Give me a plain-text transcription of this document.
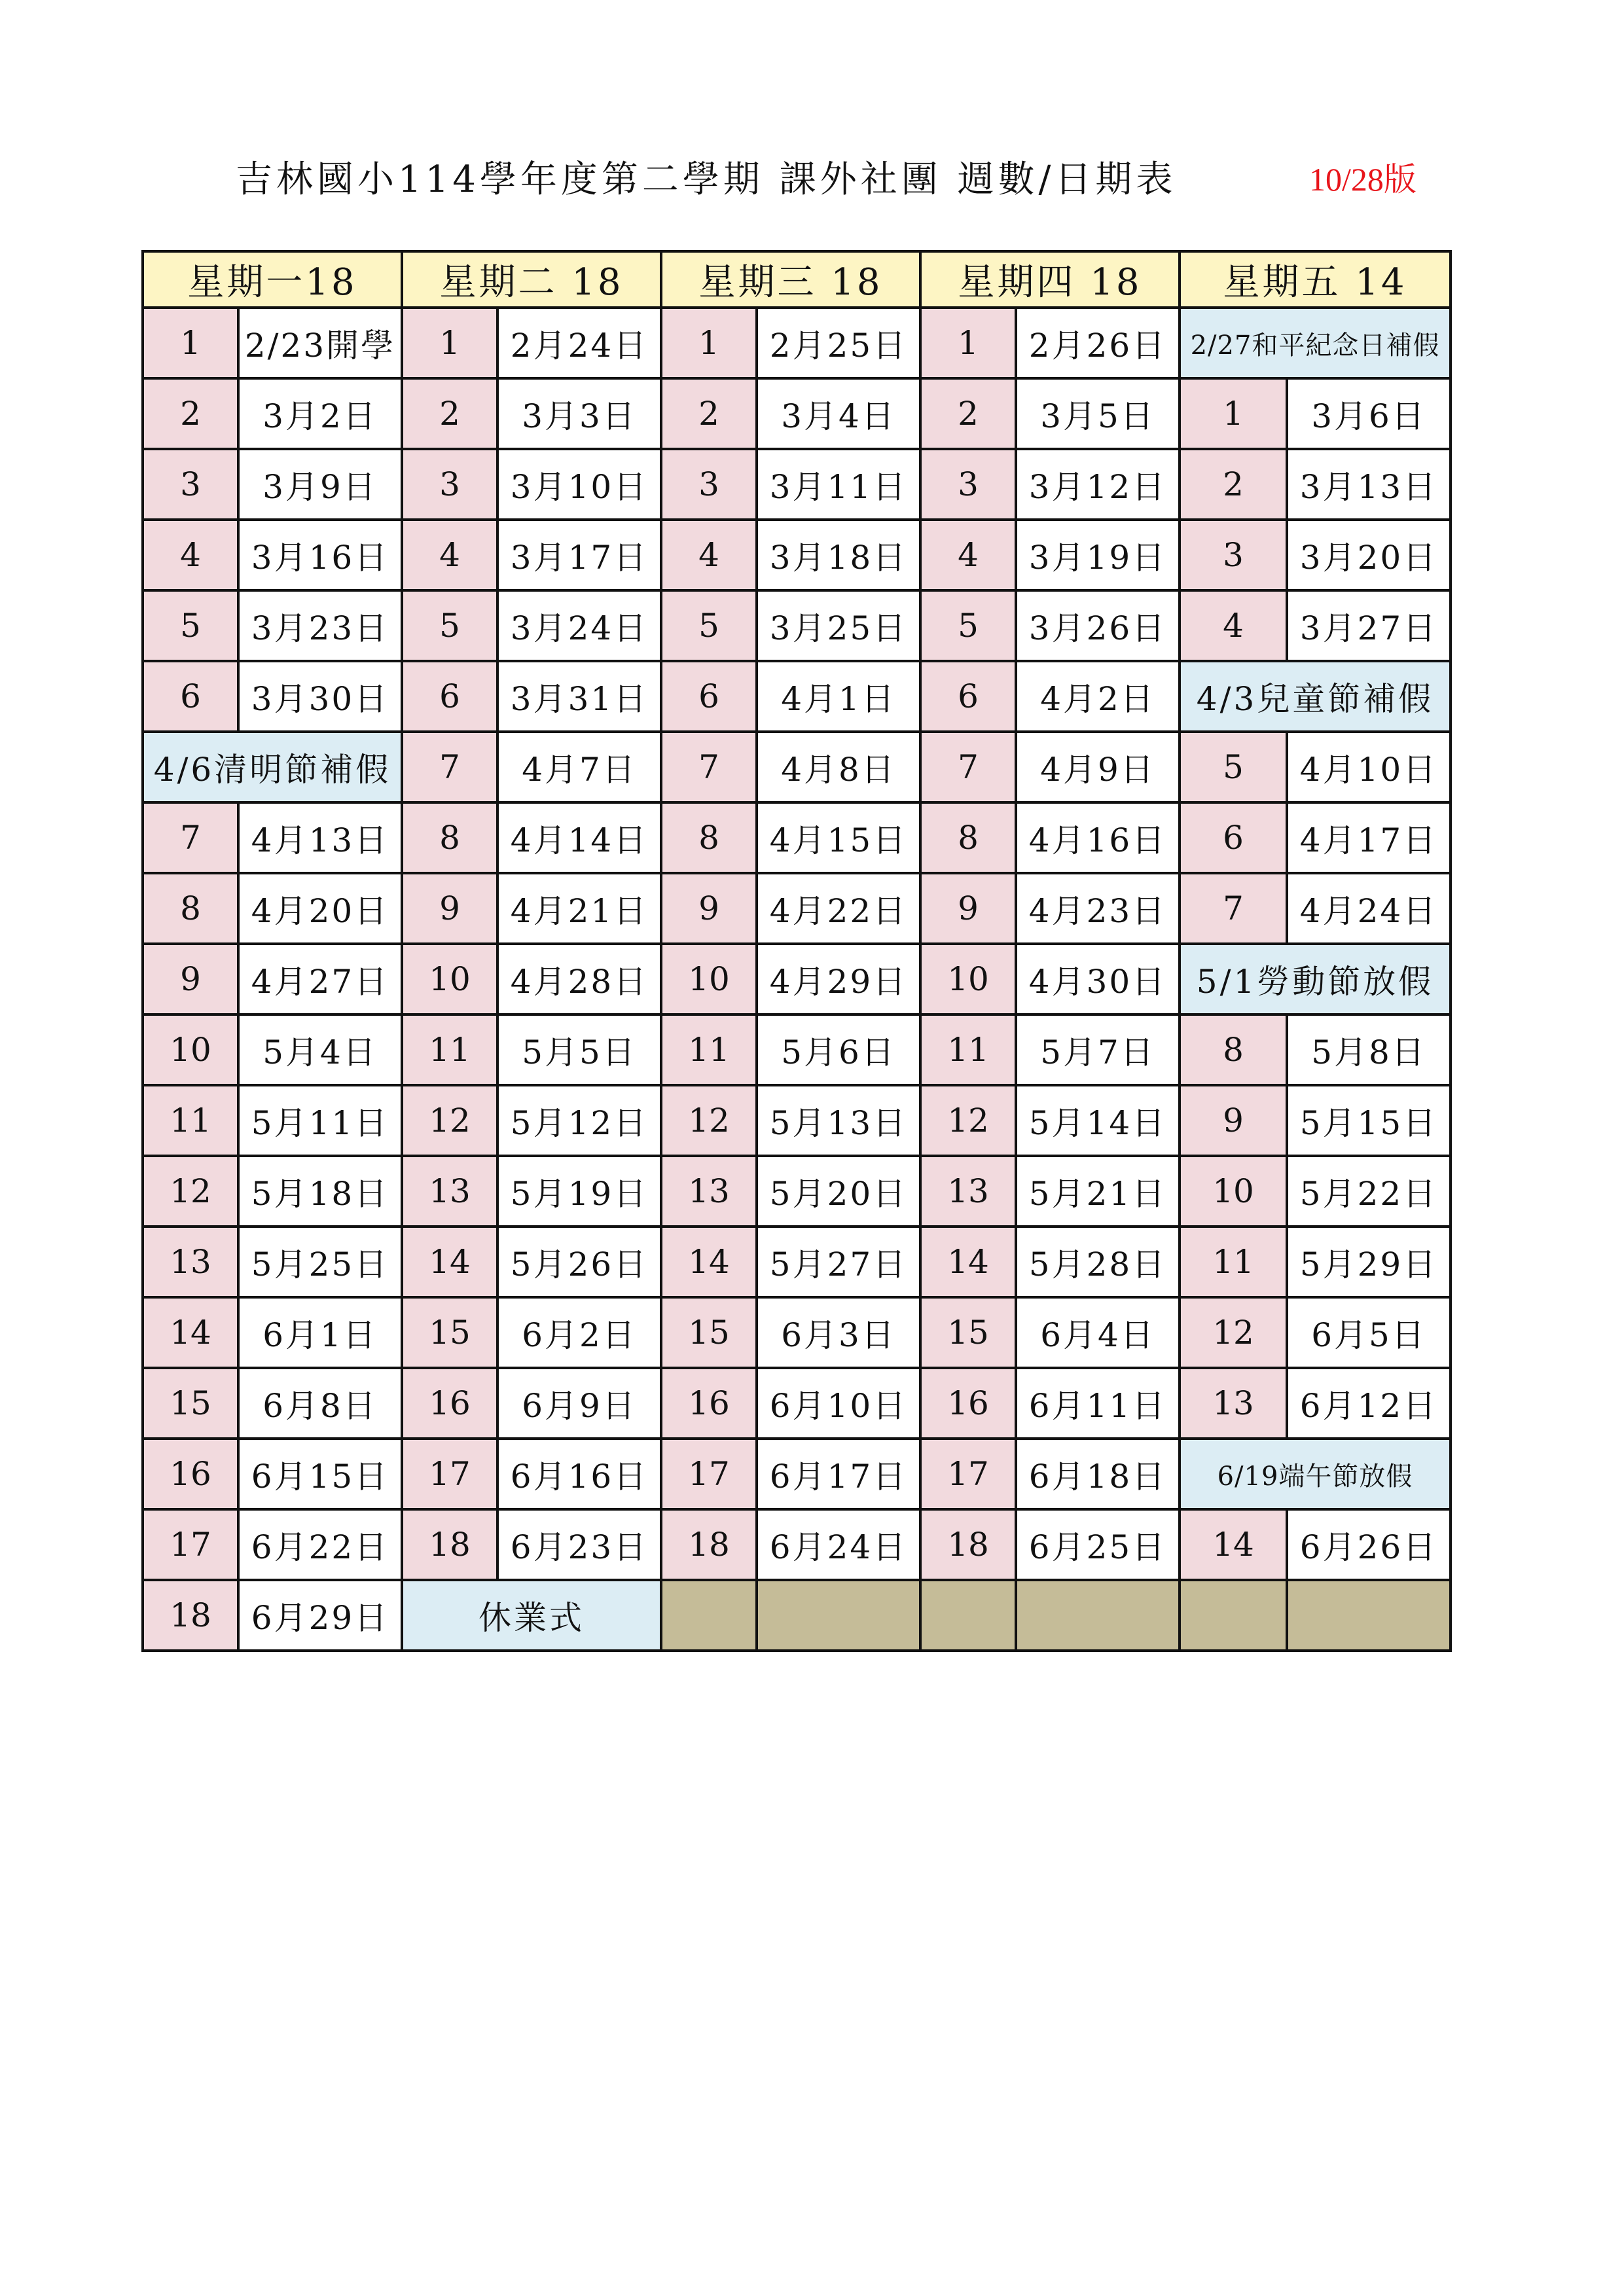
吉林國小114學年度第二學期 課外社團 週數/日期表	10/28版
星期一18		星期二 18		星期三 18		星期四 18		星期五 14	
1	2/23開學	1	2月24日	1	2月25日	1	2月26日	2/27和平紀念日補假	
2	3月2日	2	3月3日	2	3月4日	2	3月5日	1	3月6日
3	3月9日	3	3月10日	3	3月11日	3	3月12日	2	3月13日
4	3月16日	4	3月17日	4	3月18日	4	3月19日	3	3月20日
5	3月23日	5	3月24日	5	3月25日	5	3月26日	4	3月27日
6	3月30日	6	3月31日	6	4月1日	6	4月2日	4/3兒童節補假	
4/6清明節補假		7	4月7日	7	4月8日	7	4月9日	5	4月10日
7	4月13日	8	4月14日	8	4月15日	8	4月16日	6	4月17日
8	4月20日	9	4月21日	9	4月22日	9	4月23日	7	4月24日
9	4月27日	10	4月28日	10	4月29日	10	4月30日	5/1勞動節放假	
10	5月4日	11	5月5日	11	5月6日	11	5月7日	8	5月8日
11	5月11日	12	5月12日	12	5月13日	12	5月14日	9	5月15日
12	5月18日	13	5月19日	13	5月20日	13	5月21日	10	5月22日
13	5月25日	14	5月26日	14	5月27日	14	5月28日	11	5月29日
14	6月1日	15	6月2日	15	6月3日	15	6月4日	12	6月5日
15	6月8日	16	6月9日	16	6月10日	16	6月11日	13	6月12日
16	6月15日	17	6月16日	17	6月17日	17	6月18日	6/19端午節放假	
17	6月22日	18	6月23日	18	6月24日	18	6月25日	14	6月26日
18	6月29日	休業式							
